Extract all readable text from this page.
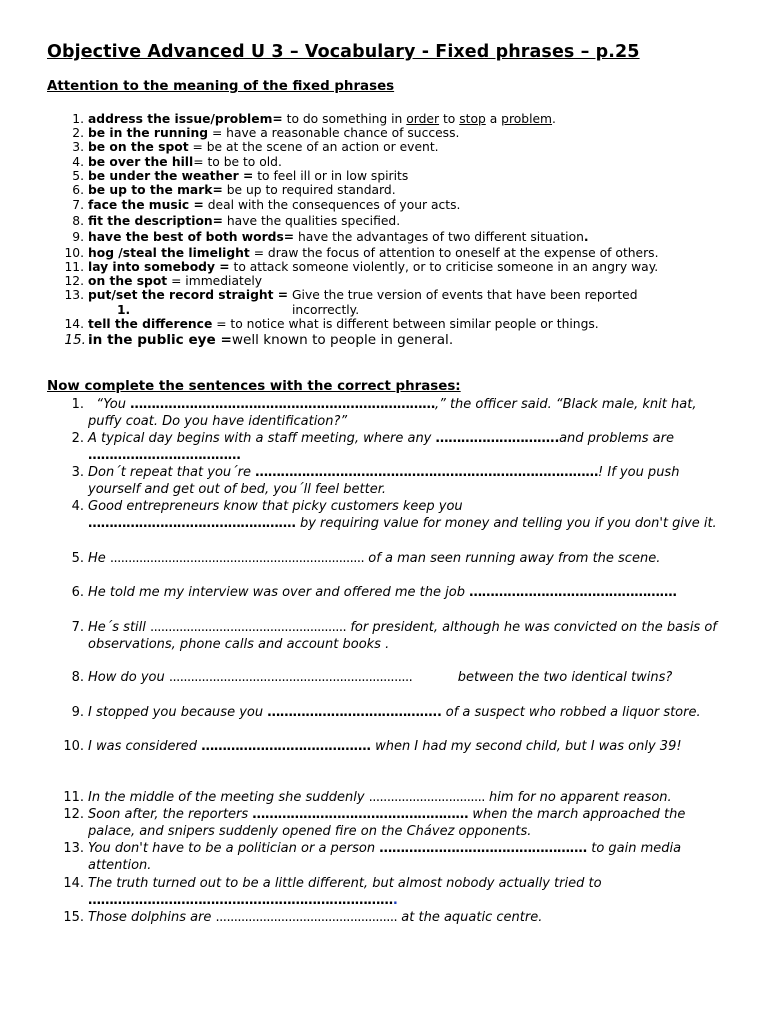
Objective Advanced U 3 – Vocabulary - Fixed phrases – p.25
Attention to the meaning of the fixed phrases
1. address the issue/problem= to do something in order to stop a problem.
2. be in the running = have a reasonable chance of success.
3. be on the spot = be at the scene of an action or event.
4. be over the hill= to be to old.
5. be under the weather = to feel ill or in low spirits
6. be up to the mark= be up to required standard.
7. face the music = deal with the consequences of your acts.
8. fit the description= have the qualities specified.
9. have the best of both words= have the advantages of two different situation.
10. hog /steal the limelight = draw the focus of attention to oneself at the expense of others.
11. lay into somebody = to attack someone violently, or to criticise someone in an angry way.
12. on the spot = immediately
13. put/set the record straight = Give the true version of events that have been reported
1.	incorrectly.
14. tell the difference = to notice what is different between similar people or things.
15. in the public eye =well known to people in general.
Now complete the sentences with the correct phrases:
1. “You ………………………………………………………………,” the officer said. “Black male, knit hat, puffy coat. Do you have identification?”
2. A typical day begins with a staff meeting, where any ………………………..and problems are
………………………………
3. Don´t repeat that you´re ………………………………………………………………………! If you push yourself and get out of bed, you´ll feel better.
4. Good entrepreneurs know that picky customers keep you
…………………………………………. by requiring value for money and telling you if you don't give it.
5. He ...................................................................... of a man seen running away from the scene.
6. He told me my interview was over and offered me the job ………………………………………….
7. He´s still ...................................................... for president, although he was convicted on the basis of observations, phone calls and account books .
8. How do you ...................................................................           between the two identical twins?
9. I stopped you because you ………………………………….. of a suspect who robbed a liquor store.
10. I was considered …………………………………. when I had my second child, but I was only 39!
11. In the middle of the meeting she suddenly ................................ him for no apparent reason.
12. Soon after, the reporters …………………………………………… when the march approached the palace, and snipers suddenly opened fire on the Chávez opponents.
13. You don't have to be a politician or a person …………………………………………. to gain media attention.
14. The truth turned out to be a little different, but almost nobody actually tried to
……………………………………………………………….
15. Those dolphins are .................................................. at the aquatic centre.
